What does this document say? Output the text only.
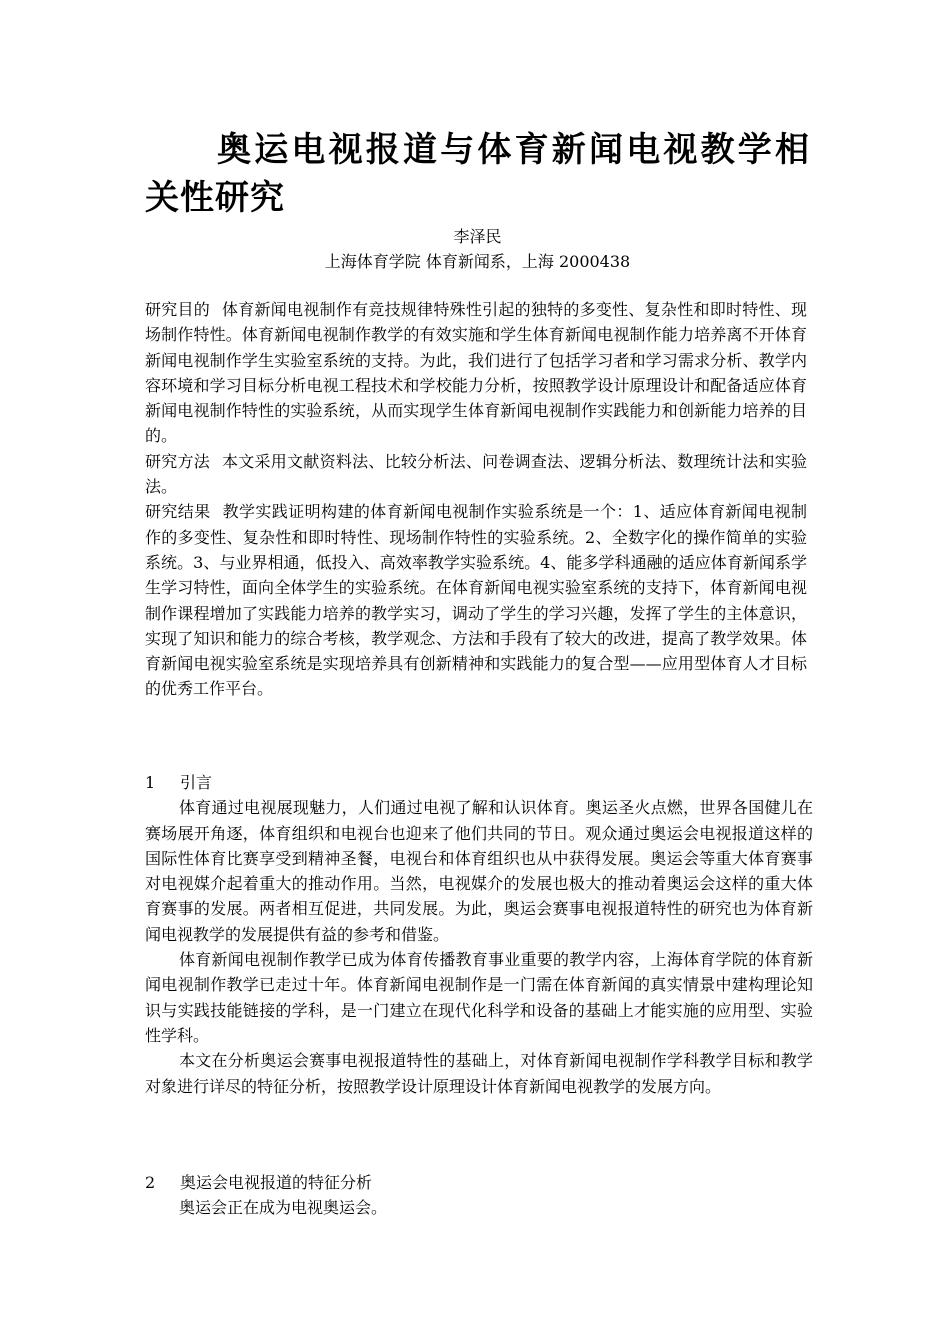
奥运电视报道与体育新闻电视教学相关性研究

李泽民

上海体育学院 体育新闻系，上海 2000438

研究目的 体育新闻电视制作有竞技规律特殊性引起的独特的多变性、复杂性和即时特性、现场制作特性。体育新闻电视制作教学的有效实施和学生体育新闻电视制作能力培养离不开体育新闻电视制作学生实验室系统的支持。为此，我们进行了包括学习者和学习需求分析、教学内容环境和学习目标分析电视工程技术和学校能力分析，按照教学设计原理设计和配备适应体育新闻电视制作特性的实验系统，从而实现学生体育新闻电视制作实践能力和创新能力培养的目的。

研究方法 本文采用文献资料法、比较分析法、问卷调查法、逻辑分析法、数理统计法和实验法。

研究结果 教学实践证明构建的体育新闻电视制作实验系统是一个：1、适应体育新闻电视制作的多变性、复杂性和即时特性、现场制作特性的实验系统。2、全数字化的操作简单的实验系统。3、与业界相通，低投入、高效率教学实验系统。4、能多学科通融的适应体育新闻系学生学习特性，面向全体学生的实验系统。在体育新闻电视实验室系统的支持下，体育新闻电视制作课程增加了实践能力培养的教学实习，调动了学生的学习兴趣，发挥了学生的主体意识，实现了知识和能力的综合考核，教学观念、方法和手段有了较大的改进，提高了教学效果。体育新闻电视实验室系统是实现培养具有创新精神和实践能力的复合型——应用型体育人才目标的优秀工作平台。

1 引言

体育通过电视展现魅力，人们通过电视了解和认识体育。奥运圣火点燃，世界各国健儿在赛场展开角逐，体育组织和电视台也迎来了他们共同的节日。观众通过奥运会电视报道这样的国际性体育比赛享受到精神圣餐，电视台和体育组织也从中获得发展。奥运会等重大体育赛事对电视媒介起着重大的推动作用。当然，电视媒介的发展也极大的推动着奥运会这样的重大体育赛事的发展。两者相互促进，共同发展。为此，奥运会赛事电视报道特性的研究也为体育新闻电视教学的发展提供有益的参考和借鉴。

体育新闻电视制作教学已成为体育传播教育事业重要的教学内容，上海体育学院的体育新闻电视制作教学已走过十年。体育新闻电视制作是一门需在体育新闻的真实情景中建构理论知识与实践技能链接的学科，是一门建立在现代化科学和设备的基础上才能实施的应用型、实验性学科。

本文在分析奥运会赛事电视报道特性的基础上，对体育新闻电视制作学科教学目标和教学对象进行详尽的特征分析，按照教学设计原理设计体育新闻电视教学的发展方向。

2 奥运会电视报道的特征分析

奥运会正在成为电视奥运会。
